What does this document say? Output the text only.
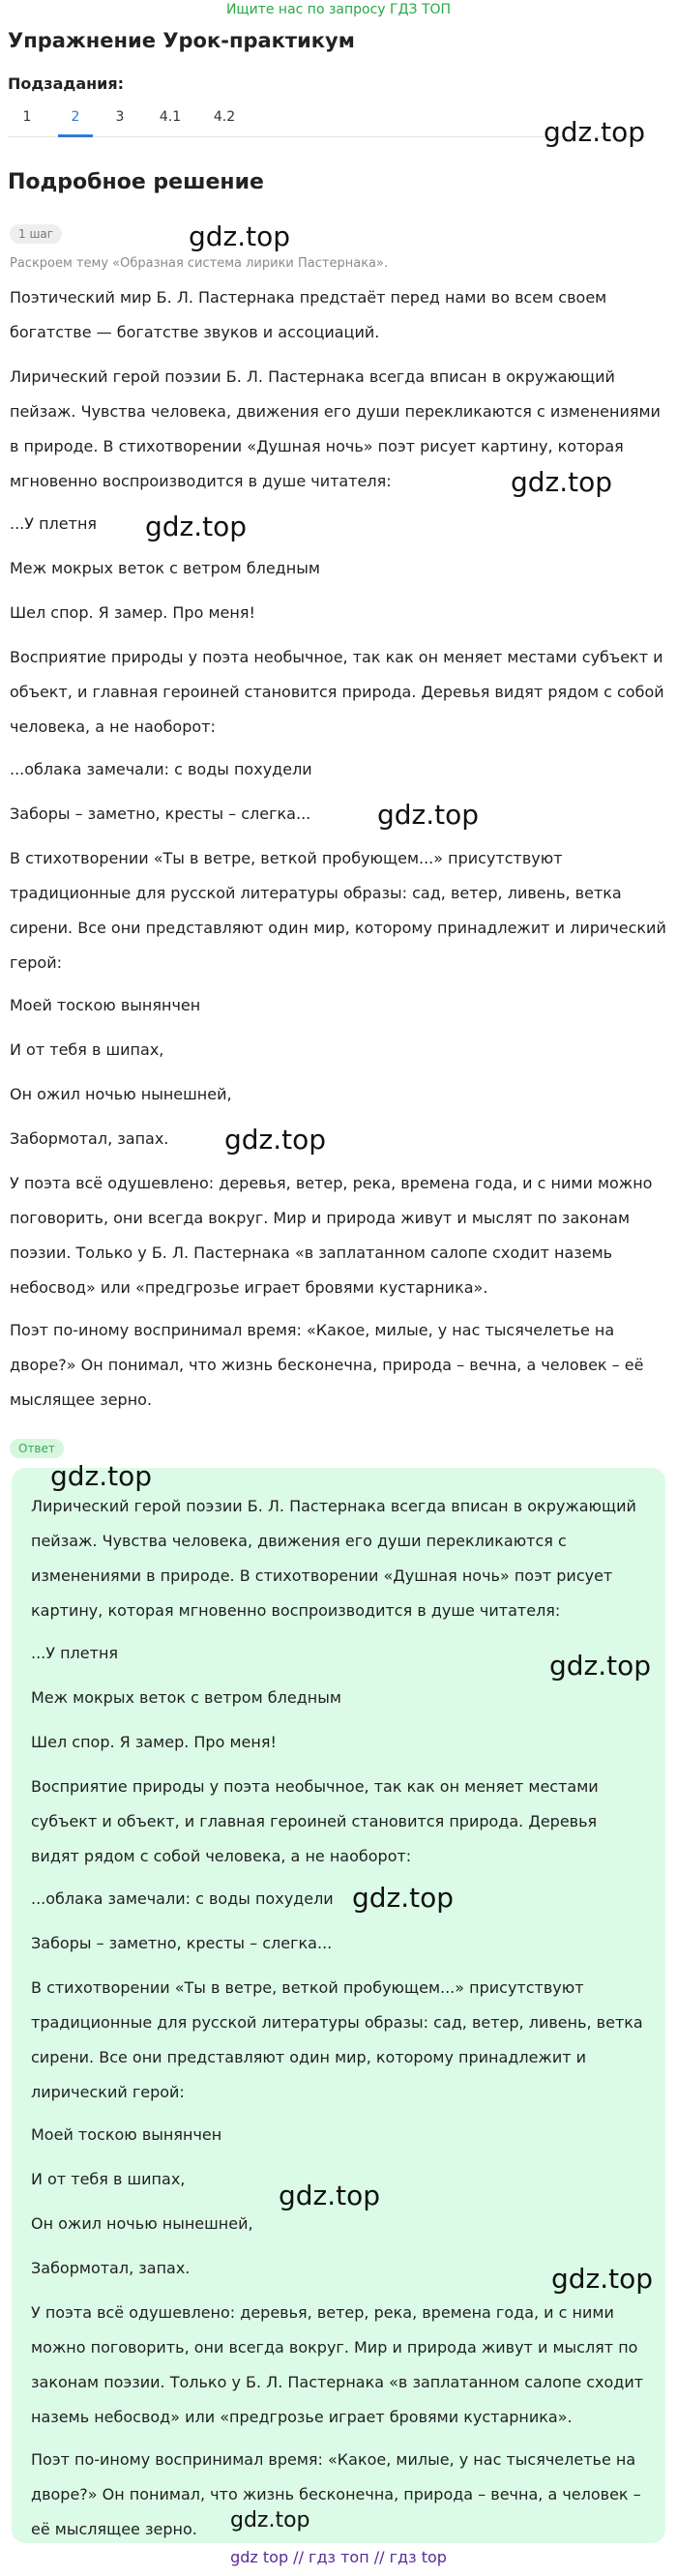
Ищите нас по запросу ГДЗ ТОП
Упражнение Урок-практикум
Подзадания:
1	2	3	4.1 4.2
Подробное решение
1 шаг
Раскроем тему «Образная система лирики Пастернака».
Поэтический мир Б. Л. Пастернака предстаёт перед нами во всем своем богатстве — богатстве звуков и ассоциаций.
Лирический герой поэзии Б. Л. Пастернака всегда вписан в окружающий пейзаж. Чувства человека, движения его души перекликаются с изменениями в природе. В стихотворении «Душная ночь» поэт рисует картину, которая мгновенно воспроизводится в душе читателя:
...У плетня
Меж мокрых веток с ветром бледным
Шел спор. Я замер. Про меня!
Восприятие природы у поэта необычное, так как он меняет местами субъект и объект, и главная героиней становится природа. Деревья видят рядом с собой человека, а не наоборот:
...облака замечали: с воды похудели
Заборы – заметно, кресты – слегка...
В стихотворении «Ты в ветре, веткой пробующем...» присутствуют традиционные для русской литературы образы: сад, ветер, ливень, ветка сирени. Все они представляют один мир, которому принадлежит и лирический герой:
Моей тоскою вынянчен
И от тебя в шипах,
Он ожил ночью нынешней,
Забормотал, запах.
У поэта всё одушевлено: деревья, ветер, река, времена года, и с ними можно поговорить, они всегда вокруг. Мир и природа живут и мыслят по законам поэзии. Только у Б. Л. Пастернака «в заплатанном салопе сходит наземь небосвод» или «предгрозье играет бровями кустарника».
Поэт по-иному воспринимал время: «Какое, милые, у нас тысячелетье на дворе?» Он понимал, что жизнь бесконечна, природа – вечна, а человек – её мыслящее зерно.
Ответ
Лирический герой поэзии Б. Л. Пастернака всегда вписан в окружающий пейзаж. Чувства человека, движения его души перекликаются с изменениями в природе. В стихотворении «Душная ночь» поэт рисует картину, которая мгновенно воспроизводится в душе читателя:
...У плетня
Меж мокрых веток с ветром бледным
Шел спор. Я замер. Про меня!
Восприятие природы у поэта необычное, так как он меняет местами субъект и объект, и главная героиней становится природа. Деревья видят рядом с собой человека, а не наоборот:
...облака замечали: с воды похудели
Заборы – заметно, кресты – слегка...
В стихотворении «Ты в ветре, веткой пробующем...» присутствуют традиционные для русской литературы образы: сад, ветер, ливень, ветка сирени. Все они представляют один мир, которому принадлежит и лирический герой:
Моей тоскою вынянчен
И от тебя в шипах,
Он ожил ночью нынешней,
Забормотал, запах.
У поэта всё одушевлено: деревья, ветер, река, времена года, и с ними можно поговорить, они всегда вокруг. Мир и природа живут и мыслят по законам поэзии. Только у Б. Л. Пастернака «в заплатанном салопе сходит наземь небосвод» или «предгрозье играет бровями кустарника».
Поэт по-иному воспринимал время: «Какое, милые, у нас тысячелетье на дворе?» Он понимал, что жизнь бесконечна, природа – вечна, а человек – её мыслящее зерно.
gdz.top
gdz.top
gdz.top
gdz.top
gdz.top
gdz.top
gdz.top
gdz.top
gdz.top
gdz.top
gdz.top
gdz.top
gdz top // гдз топ // гдз top
